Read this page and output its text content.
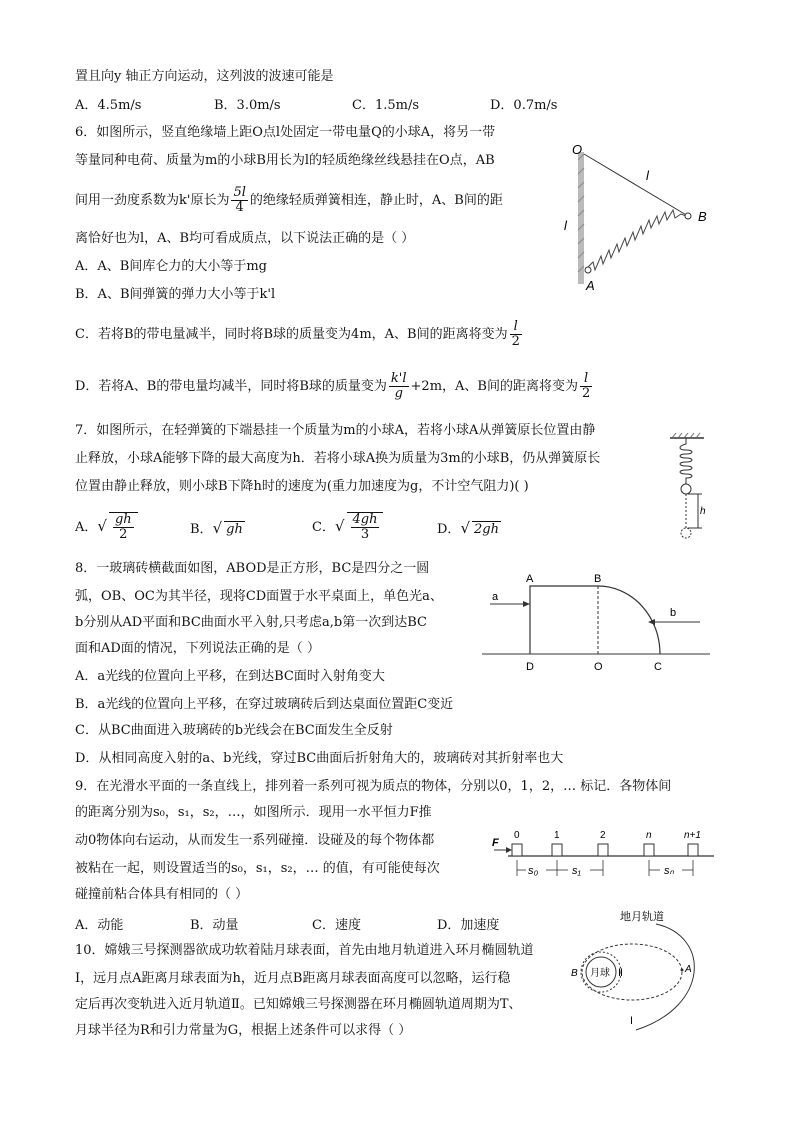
置且向y 轴正方向运动，这列波的波速可能是
A．4.5m/s	B．3.0m/s	C．1.5m/s	D．0.7m/s
6．如图所示，竖直绝缘墙上距O点l处固定一带电量Q的小球A，将另一带
等量同种电荷、质量为m的小球B用长为l的轻质绝缘丝线悬挂在O点，AB
间用一劲度系数为k'原长为 $\frac{5l}{4}$ 的绝缘轻质弹簧相连，静止时，A、B间的距
离恰好也为l，A、B均可看成质点，以下说法正确的是（ ）
A．A、B间库仑力的大小等于mg
B．A、B间弹簧的弹力大小等于k'l
C．若将B的带电量减半，同时将B球的质量变为4m，A、B间的距离将变为 $\frac{l}{2}$
D．若将A、B的带电量均减半，同时将B球的质量变为 $\frac{k'l}{g} +2m$，A、B间的距离将变为 $\frac{l}{2}$
O
l
l
B
A
7．如图所示，在轻弹簧的下端悬挂一个质量为m的小球A，若将小球A从弹簧原长位置由静
止释放，小球A能够下降的最大高度为h．若将小球A换为质量为3m的小球B，仍从弹簧原长
位置由静止释放，则小球B下降h时的速度为(重力加速度为g，不计空气阻力)( )
A．√ $\frac{gh}{2}$	B．√ gh	C．√ $\frac{4gh}{3}$	D．√ 2gh
h
8．一玻璃砖横截面如图，ABOD是正方形，BC是四分之一圆
弧，OB、OC为其半径，现将CD面置于水平桌面上，单色光a、
b分别从AD平面和BC曲面水平入射,只考虑a,b第一次到达BC
面和AD面的情况，下列说法正确的是（ ）
A．a光线的位置向上平移，在到达BC面时入射角变大
B．a光线的位置向上平移，在穿过玻璃砖后到达桌面位置距C变近
C．从BC曲面进入玻璃砖的b光线会在BC面发生全反射
D．从相同高度入射的a、b光线，穿过BC曲面后折射角大的，玻璃砖对其折射率也大
A	B
a
b
D	O	C
9．在光滑水平面的一条直线上，排列着一系列可视为质点的物体，分别以0，1，2，… 标记．各物体间
的距离分别为s₀，s₁，s₂，…，如图所示．现用一水平恒力F推
动0物体向右运动，从而发生一系列碰撞．设碰及的每个物体都
被粘在一起，则设置适当的s₀，s₁，s₂，… 的值，有可能使每次
碰撞前粘合体具有相同的（ ）
A．动能	B．动量	C．速度	D．加速度
F
0	1	2	n	n+1
s₀	s₁	sₙ
10．嫦娥三号探测器欲成功软着陆月球表面，首先由地月轨道进入环月椭圆轨道
Ⅰ，远月点A距离月球表面为h，近月点B距离月球表面高度可以忽略，运行稳
定后再次变轨进入近月轨道Ⅱ。已知嫦娥三号探测器在环月椭圆轨道周期为T、
月球半径为R和引力常量为G，根据上述条件可以求得（ ）
地月轨道
月球 Ⅱ
B	A
Ⅰ
